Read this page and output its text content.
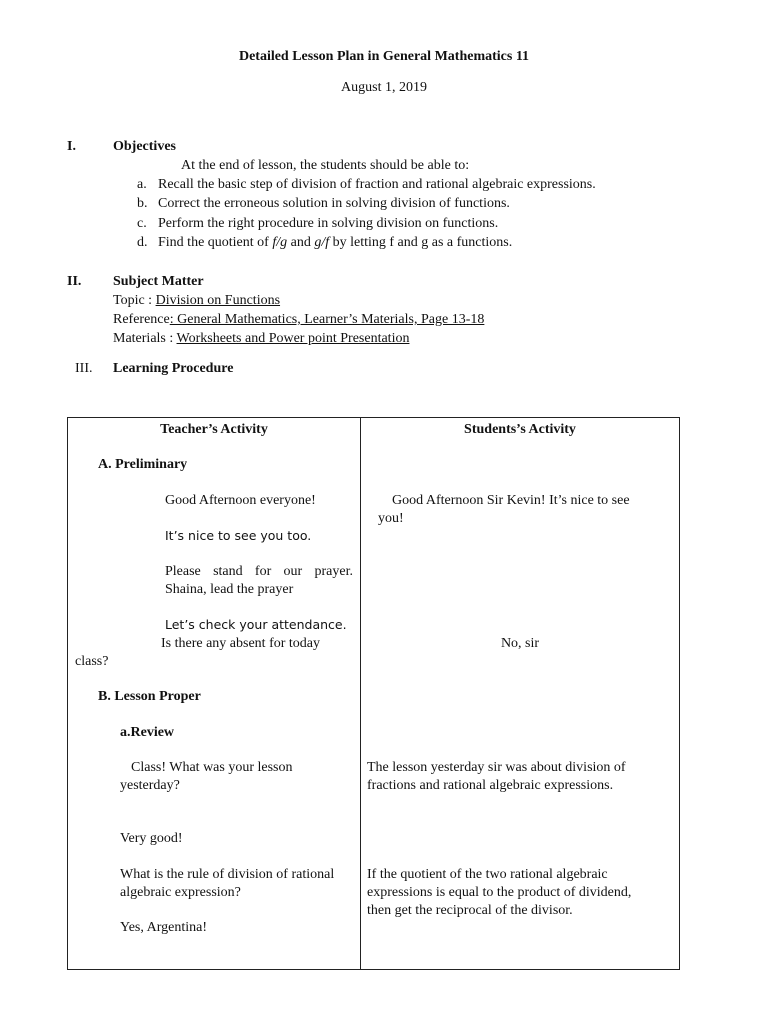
Detailed Lesson Plan in General Mathematics 11
August 1, 2019
I.	Objectives
At the end of lesson, the students should be able to:
a. Recall the basic step of division of fraction and rational algebraic expressions.
b. Correct the erroneous solution in solving division of functions.
c. Perform the right procedure in solving division on functions.
d. Find the quotient of f/g and g/f by letting f and g as a functions.
II. Subject Matter
Topic : Division on Functions
Reference: General Mathematics, Learner’s Materials, Page 13-18
Materials : Worksheets and Power point Presentation
III. Learning Procedure
Teacher’s Activity	Students’s Activity
A. Preliminary
Good Afternoon everyone!
It’s nice to see you too.
Please stand for our prayer.
Shaina, lead the prayer
Let’s check your attendance.
Is there any absent for today
class?
B. Lesson Proper
a.Review
Class! What was your lesson
yesterday?
Very good!
What is the rule of division of rational
algebraic expression?
Yes, Argentina!
Good Afternoon Sir Kevin! It’s nice to see
you!
No, sir
The lesson yesterday sir was about division of
fractions and rational algebraic expressions.
If the quotient of the two rational algebraic
expressions is equal to the product of dividend,
then get the reciprocal of the divisor.
